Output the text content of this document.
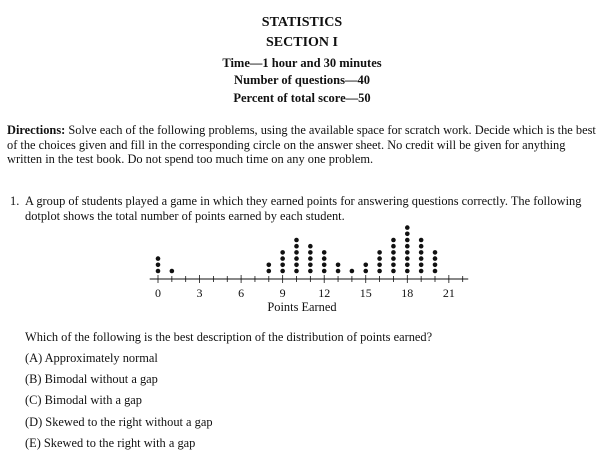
STATISTICS
SECTION I
Time—1 hour and 30 minutes
Number of questions—40
Percent of total score—50
Directions: Solve each of the following problems, using the available space for scratch work. Decide which is the best of the choices given and fill in the corresponding circle on the answer sheet. No credit will be given for anything written in the test book. Do not spend too much time on any one problem.
1. A group of students played a game in which they earned points for answering questions correctly. The following dotplot shows the total number of points earned by each student.
0	3	6	9	12 15 18 21
Points Earned
Which of the following is the best description of the distribution of points earned?
(A) Approximately normal
(B) Bimodal without a gap
(C) Bimodal with a gap
(D) Skewed to the right without a gap
(E) Skewed to the right with a gap
